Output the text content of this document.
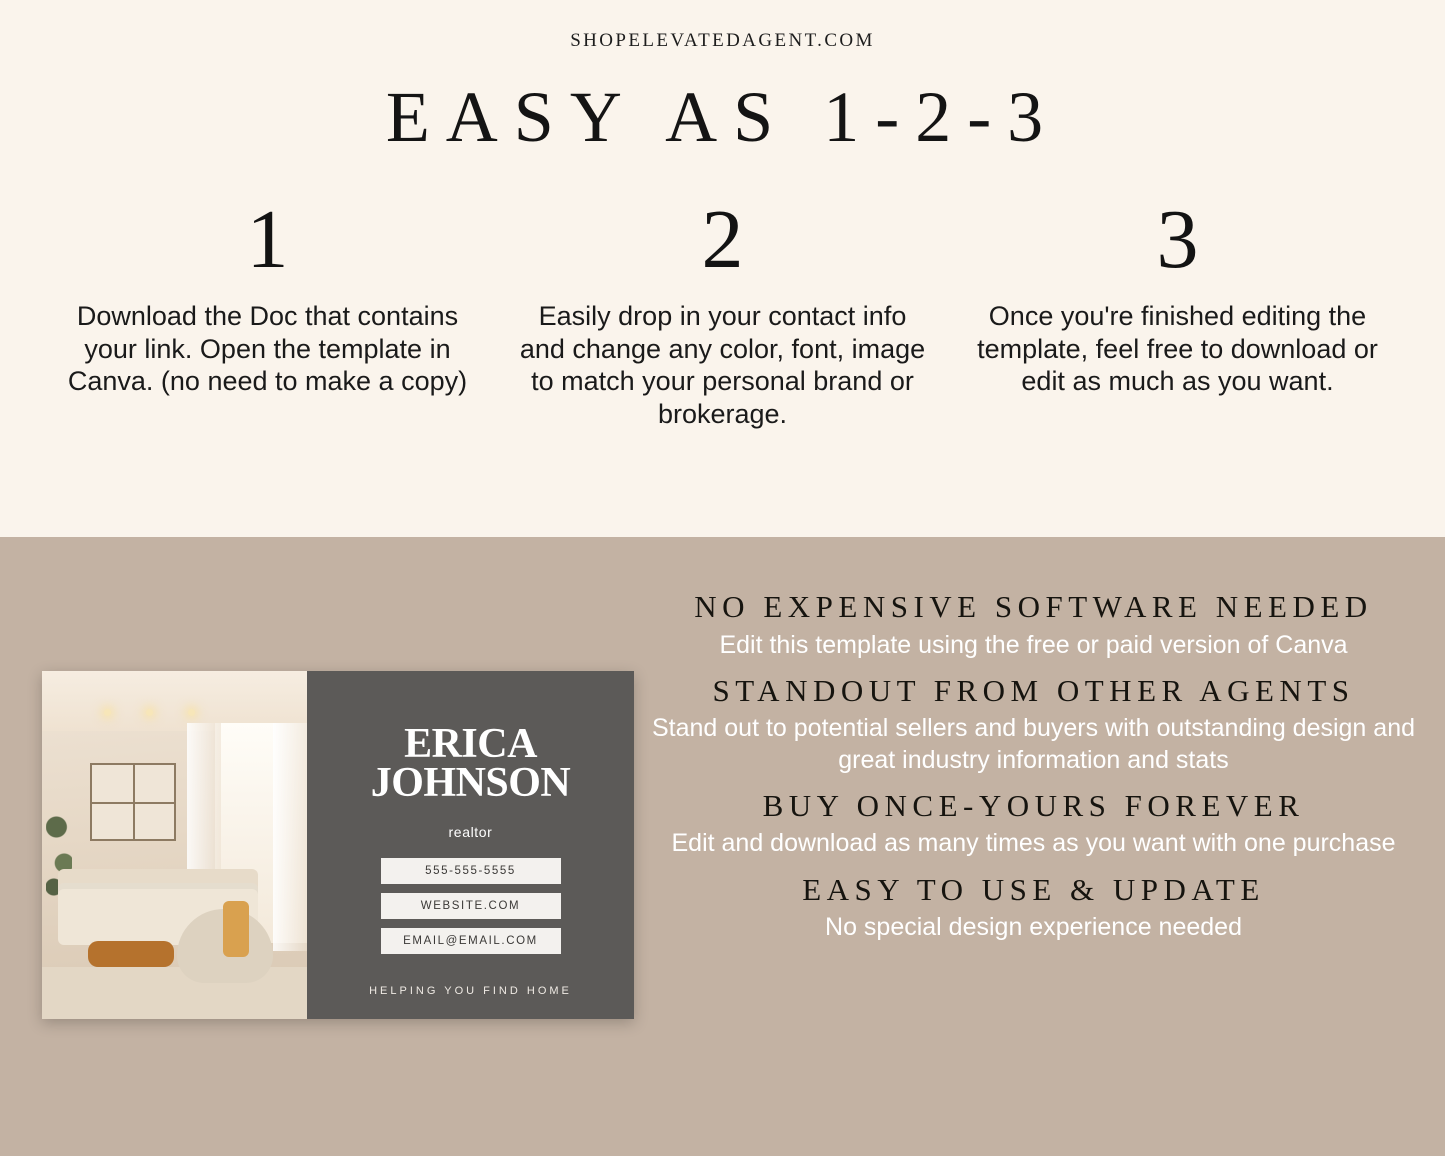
SHOPELEVATEDAGENT.COM
EASY AS 1-2-3
1
Download the Doc that contains your link. Open the template in Canva. (no need to make a copy)
2
Easily drop in your contact info and change any color, font, image to match your personal brand or brokerage.
3
Once you're finished editing the template, feel free to download or edit as much as you want.
ERICA
JOHNSON
realtor
555-555-5555
WEBSITE.COM
EMAIL@EMAIL.COM
HELPING YOU FIND HOME
NO EXPENSIVE SOFTWARE NEEDED
Edit this template using the free or paid version of Canva
STANDOUT FROM OTHER AGENTS
Stand out to potential sellers and buyers with outstanding design and great industry information and stats
BUY ONCE-YOURS FOREVER
Edit and download as many times as you want with one purchase
EASY TO USE & UPDATE
No special design experience needed
